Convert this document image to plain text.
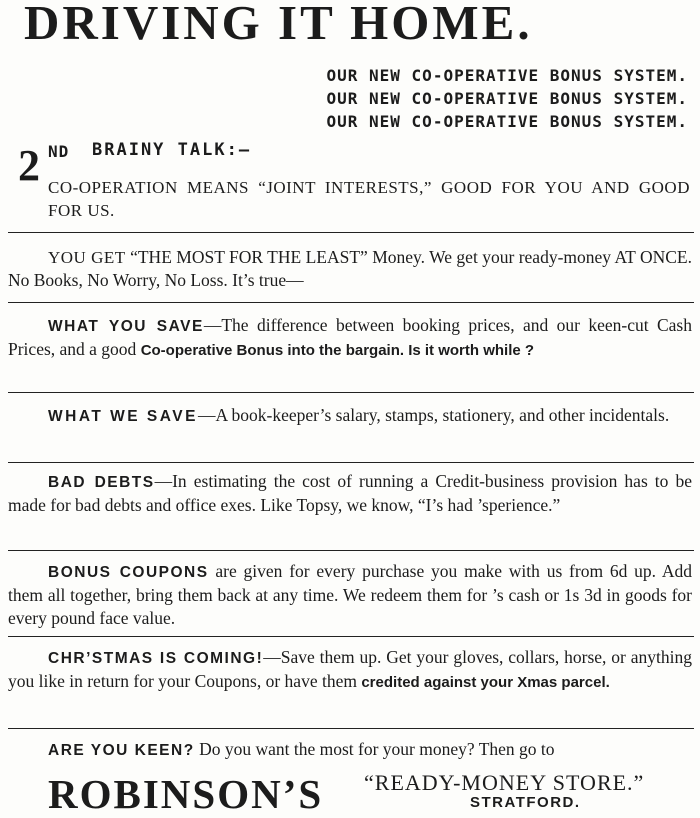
DRIVING IT HOME.
OUR NEW CO-OPERATIVE BONUS SYSTEM.
OUR NEW CO-OPERATIVE BONUS SYSTEM.
OUR NEW CO-OPERATIVE BONUS SYSTEM.
2 ND BRAINY TALK:—
CO-OPERATION MEANS “JOINT INTERESTS,” GOOD FOR YOU AND GOOD FOR US.
YOU GET “THE MOST FOR THE LEAST” Money. We get your ready-money AT ONCE. No Books, No Worry, No Loss. It’s true—
WHAT YOU SAVE—The difference between booking prices, and our keen-cut Cash Prices, and a good Co-operative Bonus into the bargain. Is it worth while ?
WHAT WE SAVE—A book-keeper’s salary, stamps, stationery, and other incidentals.
BAD DEBTS—In estimating the cost of running a Credit-business provision has to be made for bad debts and office exes. Like Topsy, we know, “I’s had ’sperience.”
BONUS COUPONS are given for every purchase you make with us from 6d up. Add them all together, bring them back at any time. We redeem them for ’s cash or 1s 3d in goods for every pound face value.
CHR’STMAS IS COMING!—Save them up. Get your gloves, collars, horse, or anything you like in return for your Coupons, or have them credited against your Xmas parcel.
ARE YOU KEEN? Do you want the most for your money? Then go to
ROBINSON’S “READY-MONEY STORE.”
STRATFORD.
